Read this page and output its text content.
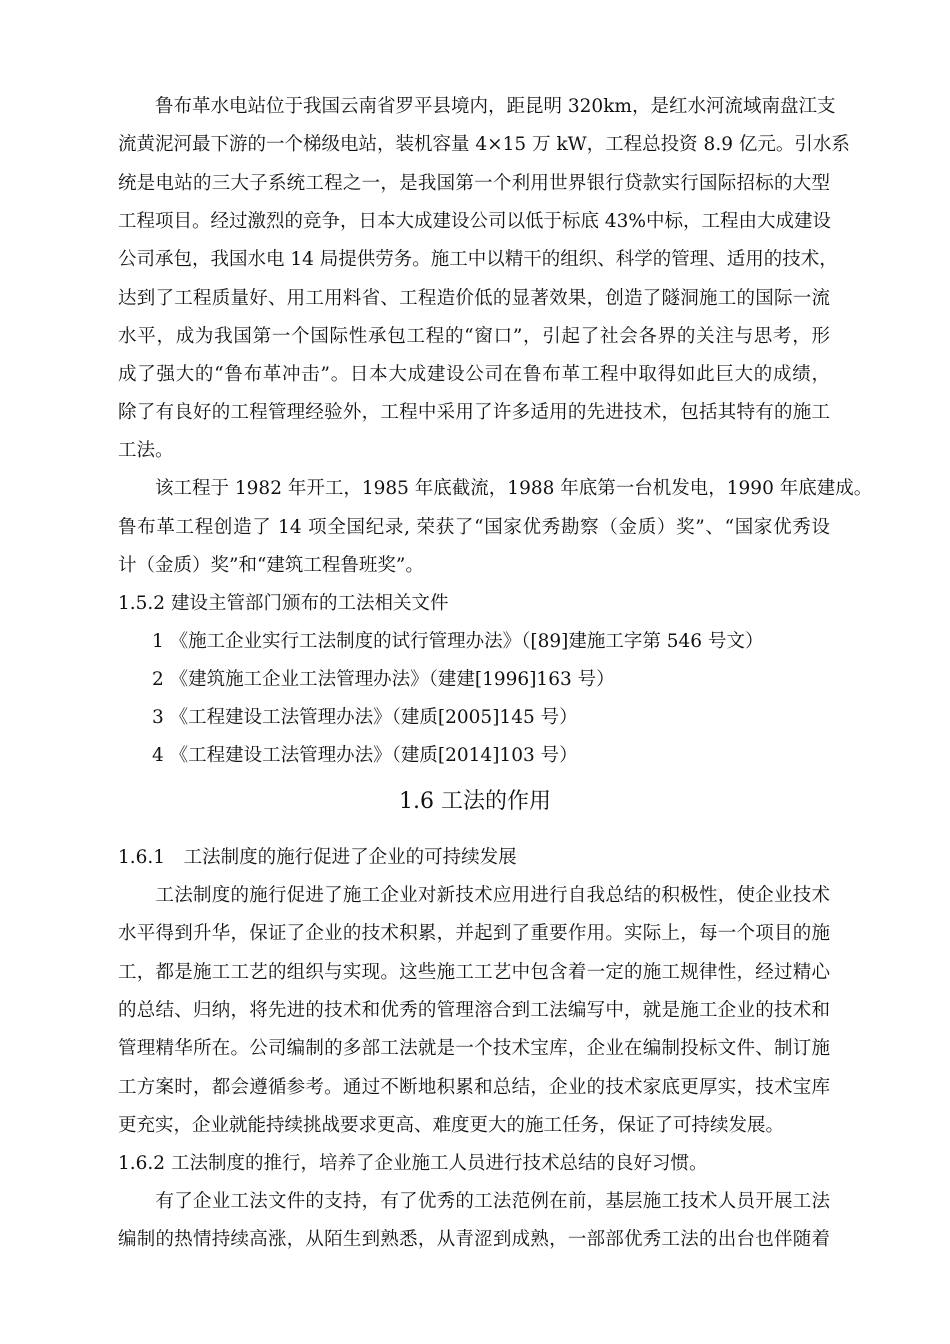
　　鲁布革水电站位于我国云南省罗平县境内，距昆明 320km，是红水河流域南盘江支
流黄泥河最下游的一个梯级电站，装机容量 4×15 万 kW，工程总投资 8.9 亿元。引水系
统是电站的三大子系统工程之一，是我国第一个利用世界银行贷款实行国际招标的大型
工程项目。经过激烈的竞争，日本大成建设公司以低于标底 43%中标，工程由大成建设
公司承包，我国水电 14 局提供劳务。施工中以精干的组织、科学的管理、适用的技术，
达到了工程质量好、用工用料省、工程造价低的显著效果，创造了隧洞施工的国际一流
水平，成为我国第一个国际性承包工程的“窗口”，引起了社会各界的关注与思考，形
成了强大的“鲁布革冲击”。日本大成建设公司在鲁布革工程中取得如此巨大的成绩，
除了有良好的工程管理经验外，工程中采用了许多适用的先进技术，包括其特有的施工
工法。
　　该工程于 1982 年开工，1985 年底截流，1988 年底第一台机发电，1990 年底建成。
鲁布革工程创造了 14 项全国纪录, 荣获了“国家优秀勘察（金质）奖”、“国家优秀设
计（金质）奖”和“建筑工程鲁班奖”。
1.5.2 建设主管部门颁布的工法相关文件
1 《施工企业实行工法制度的试行管理办法》（[89]建施工字第 546 号文）
2 《建筑施工企业工法管理办法》（建建[1996]163 号）
3 《工程建设工法管理办法》（建质[2005]145 号）
4 《工程建设工法管理办法》（建质[2014]103 号）
1.6 工法的作用
1.6.1　工法制度的施行促进了企业的可持续发展
　　工法制度的施行促进了施工企业对新技术应用进行自我总结的积极性，使企业技术
水平得到升华，保证了企业的技术积累，并起到了重要作用。实际上，每一个项目的施
工，都是施工工艺的组织与实现。这些施工工艺中包含着一定的施工规律性，经过精心
的总结、归纳，将先进的技术和优秀的管理溶合到工法编写中，就是施工企业的技术和
管理精华所在。公司编制的多部工法就是一个技术宝库，企业在编制投标文件、制订施
工方案时，都会遵循参考。通过不断地积累和总结，企业的技术家底更厚实，技术宝库
更充实，企业就能持续挑战要求更高、难度更大的施工任务，保证了可持续发展。
1.6.2 工法制度的推行，培养了企业施工人员进行技术总结的良好习惯。
　　有了企业工法文件的支持，有了优秀的工法范例在前，基层施工技术人员开展工法
编制的热情持续高涨，从陌生到熟悉，从青涩到成熟，一部部优秀工法的出台也伴随着
